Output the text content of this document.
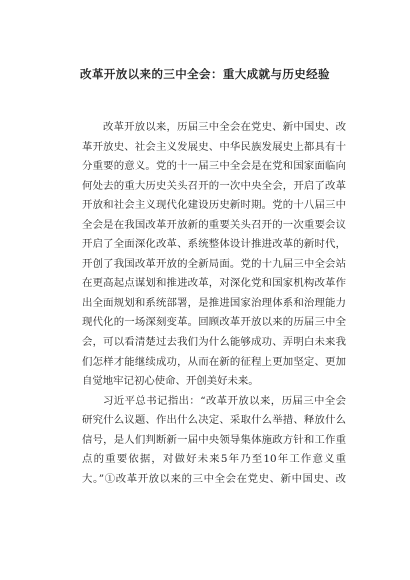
改革开放以来的三中全会：重大成就与历史经验
改革开放以来，历届三中全会在党史、新中国史、改
革开放史、社会主义发展史、中华民族发展史上都具有十
分重要的意义。党的十一届三中全会是在党和国家面临向
何处去的重大历史关头召开的一次中央全会，开启了改革
开放和社会主义现代化建设历史新时期。党的十八届三中
全会是在我国改革开放新的重要关头召开的一次重要会议
开启了全面深化改革、系统整体设计推进改革的新时代，
开创了我国改革开放的全新局面。党的十九届三中全会站
在更高起点谋划和推进改革，对深化党和国家机构改革作
出全面规划和系统部署，是推进国家治理体系和治理能力
现代化的一场深刻变革。回顾改革开放以来的历届三中全
会，可以看清楚过去我们为什么能够成功、弄明白未来我
们怎样才能继续成功，从而在新的征程上更加坚定、更加
自觉地牢记初心使命、开创美好未来。
习近平总书记指出：“改革开放以来，历届三中全会
研究什么议题、作出什么决定、采取什么举措、释放什么
信号，是人们判断新一届中央领导集体施政方针和工作重
点的重要依据，对做好未来5年乃至10年工作意义重
大。”①改革开放以来的三中全会在党史、新中国史、改
